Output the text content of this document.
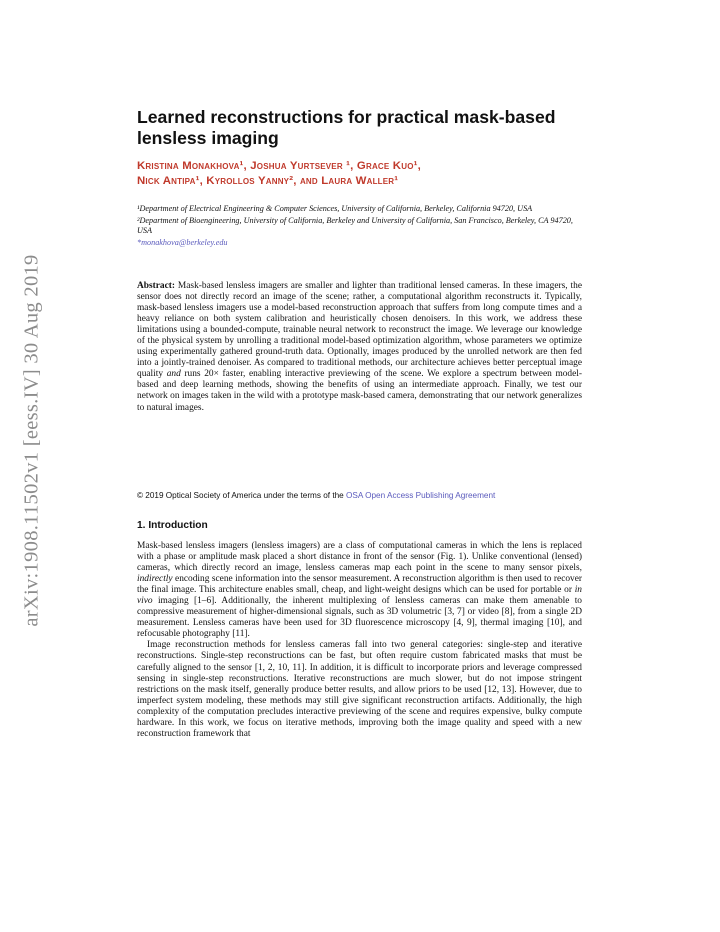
arXiv:1908.11502v1 [eess.IV] 30 Aug 2019
Learned reconstructions for practical mask-based lensless imaging
Kristina Monakhova¹, Joshua Yurtsever ¹, Grace Kuo¹,
Nick Antipa¹, Kyrollos Yanny², and Laura Waller¹

¹Department of Electrical Engineering & Computer Sciences, University of California, Berkeley, California 94720, USA

²Department of Bioengineering, University of California, Berkeley and University of California, San Francisco, Berkeley, CA 94720, USA

*monakhova@berkeley.edu

Abstract: Mask-based lensless imagers are smaller and lighter than traditional lensed cameras. In these imagers, the sensor does not directly record an image of the scene; rather, a computational algorithm reconstructs it. Typically, mask-based lensless imagers use a model-based reconstruction approach that suffers from long compute times and a heavy reliance on both system calibration and heuristically chosen denoisers. In this work, we address these limitations using a bounded-compute, trainable neural network to reconstruct the image. We leverage our knowledge of the physical system by unrolling a traditional model-based optimization algorithm, whose parameters we optimize using experimentally gathered ground-truth data. Optionally, images produced by the unrolled network are then fed into a jointly-trained denoiser. As compared to traditional methods, our architecture achieves better perceptual image quality and runs 20× faster, enabling interactive previewing of the scene. We explore a spectrum between model-based and deep learning methods, showing the benefits of using an intermediate approach. Finally, we test our network on images taken in the wild with a prototype mask-based camera, demonstrating that our network generalizes to natural images.
© 2019 Optical Society of America under the terms of the OSA Open Access Publishing Agreement
1. Introduction

Mask-based lensless imagers (lensless imagers) are a class of computational cameras in which the lens is replaced with a phase or amplitude mask placed a short distance in front of the sensor (Fig. 1). Unlike conventional (lensed) cameras, which directly record an image, lensless cameras map each point in the scene to many sensor pixels, indirectly encoding scene information into the sensor measurement. A reconstruction algorithm is then used to recover the final image. This architecture enables small, cheap, and light-weight designs which can be used for portable or in vivo imaging [1–6]. Additionally, the inherent multiplexing of lensless cameras can make them amenable to compressive measurement of higher-dimensional signals, such as 3D volumetric [3, 7] or video [8], from a single 2D measurement. Lensless cameras have been used for 3D fluorescence microscopy [4, 9], thermal imaging [10], and refocusable photography [11].

Image reconstruction methods for lensless cameras fall into two general categories: single-step and iterative reconstructions. Single-step reconstructions can be fast, but often require custom fabricated masks that must be carefully aligned to the sensor [1, 2, 10, 11]. In addition, it is difficult to incorporate priors and leverage compressed sensing in single-step reconstructions. Iterative reconstructions are much slower, but do not impose stringent restrictions on the mask itself, generally produce better results, and allow priors to be used [12, 13]. However, due to imperfect system modeling, these methods may still give significant reconstruction artifacts. Additionally, the high complexity of the computation precludes interactive previewing of the scene and requires expensive, bulky compute hardware. In this work, we focus on iterative methods, improving both the image quality and speed with a new reconstruction framework that
